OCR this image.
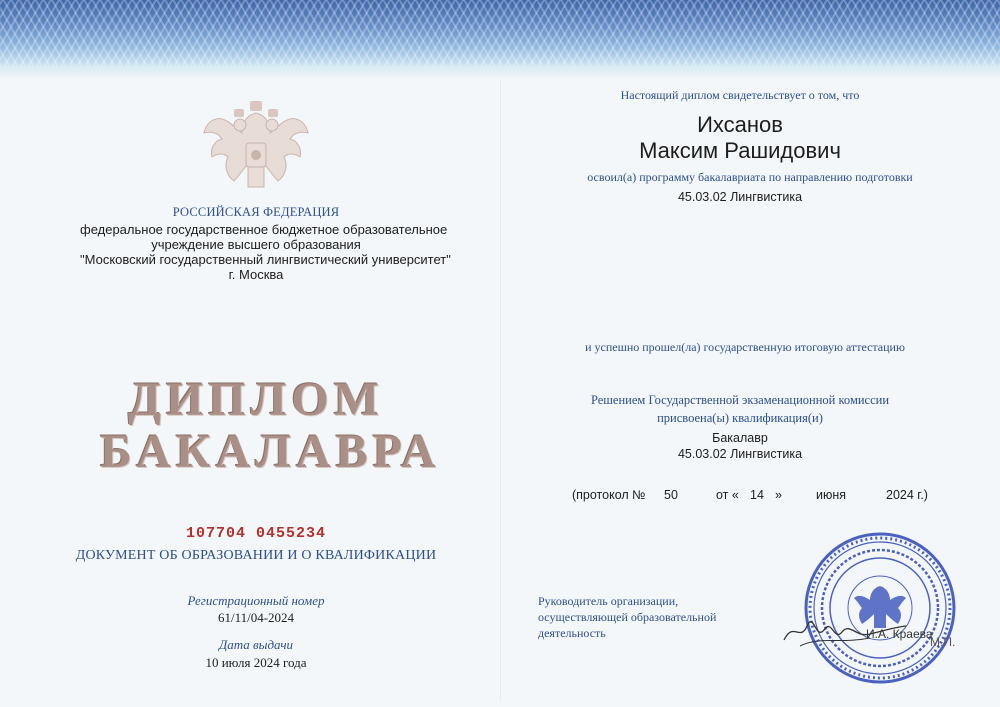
РОССИЙСКАЯ ФЕДЕРАЦИЯ
федеральное государственное бюджетное образовательное
учреждение высшего образования
"Московский государственный лингвистический университет"
г. Москва
ДИПЛОМ
БАКАЛАВРА
107704 0455234
ДОКУМЕНТ ОБ ОБРАЗОВАНИИ И О КВАЛИФИКАЦИИ
Регистрационный номер
61/11/04-2024
Дата выдачи
10 июля 2024 года
Настоящий диплом свидетельствует о том, что
Ихсанов
Максим Рашидович
освоил(а) программу бакалавриата по направлению подготовки
45.03.02 Лингвистика
и успешно прошел(ла) государственную итоговую аттестацию
Решением Государственной экзаменационной комиссии
присвоена(ы) квалификация(и)
Бакалавр
45.03.02 Лингвистика
(протокол № 50	от « 14 »	июня	2024 г.)
Руководитель организации,
осуществляющей образовательной
деятельность	И.А. Краева
М.П.
